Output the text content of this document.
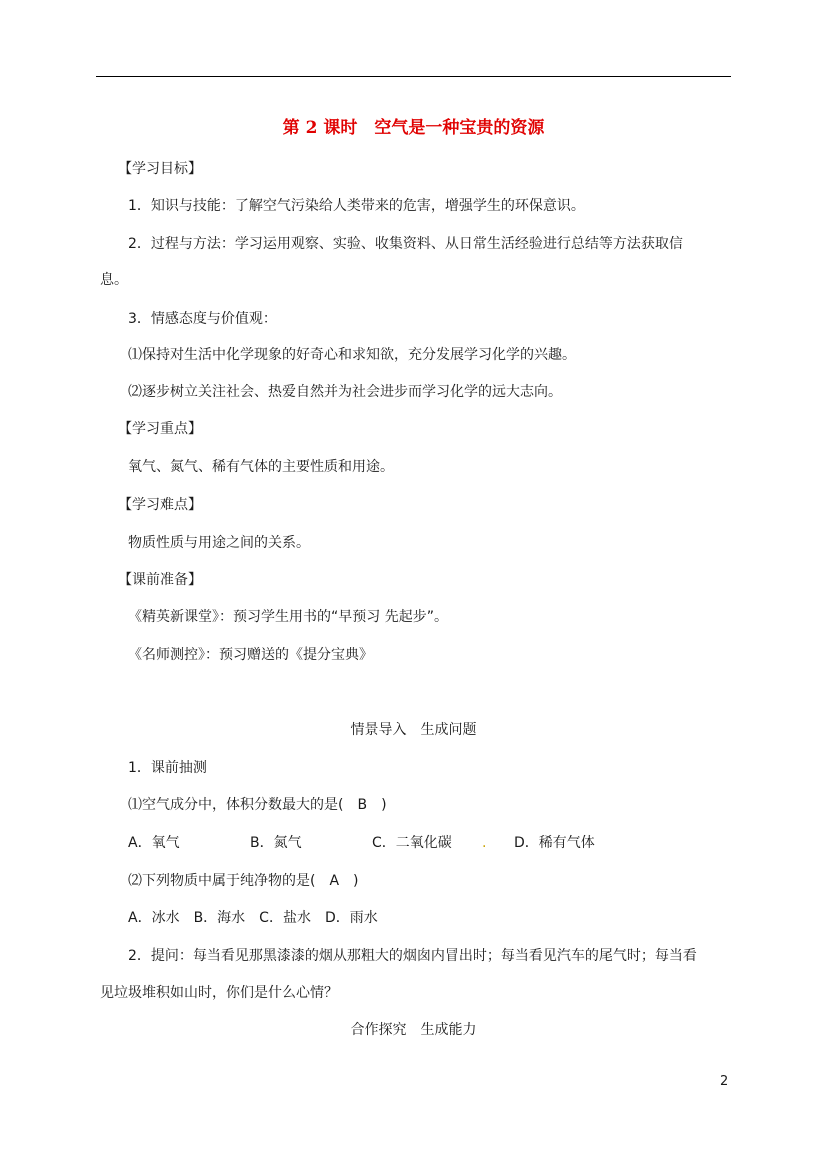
第 2 课时　空气是一种宝贵的资源
【学习目标】
1．知识与技能：了解空气污染给人类带来的危害，增强学生的环保意识。
2．过程与方法：学习运用观察、实验、收集资料、从日常生活经验进行总结等方法获取信
息。
3．情感态度与价值观：
⑴保持对生活中化学现象的好奇心和求知欲，充分发展学习化学的兴趣。
⑵逐步树立关注社会、热爱自然并为社会进步而学习化学的远大志向。
【学习重点】
氧气、氮气、稀有气体的主要性质和用途。
【学习难点】
物质性质与用途之间的关系。
【课前准备】
《精英新课堂》：预习学生用书的“早预习 先起步”。
《名师测控》：预习赠送的《提分宝典》
情景导入　生成问题
1．课前抽测
⑴空气成分中，体积分数最大的是(　B　)
A．氧气	B．氮气	C．二氧化碳 . D．稀有气体
⑵下列物质中属于纯净物的是(　A　)
A．冰水　B．海水　C．盐水　D．雨水
2．提问：每当看见那黑漆漆的烟从那粗大的烟囱内冒出时；每当看见汽车的尾气时；每当看
见垃圾堆积如山时，你们是什么心情？
合作探究　生成能力
2
